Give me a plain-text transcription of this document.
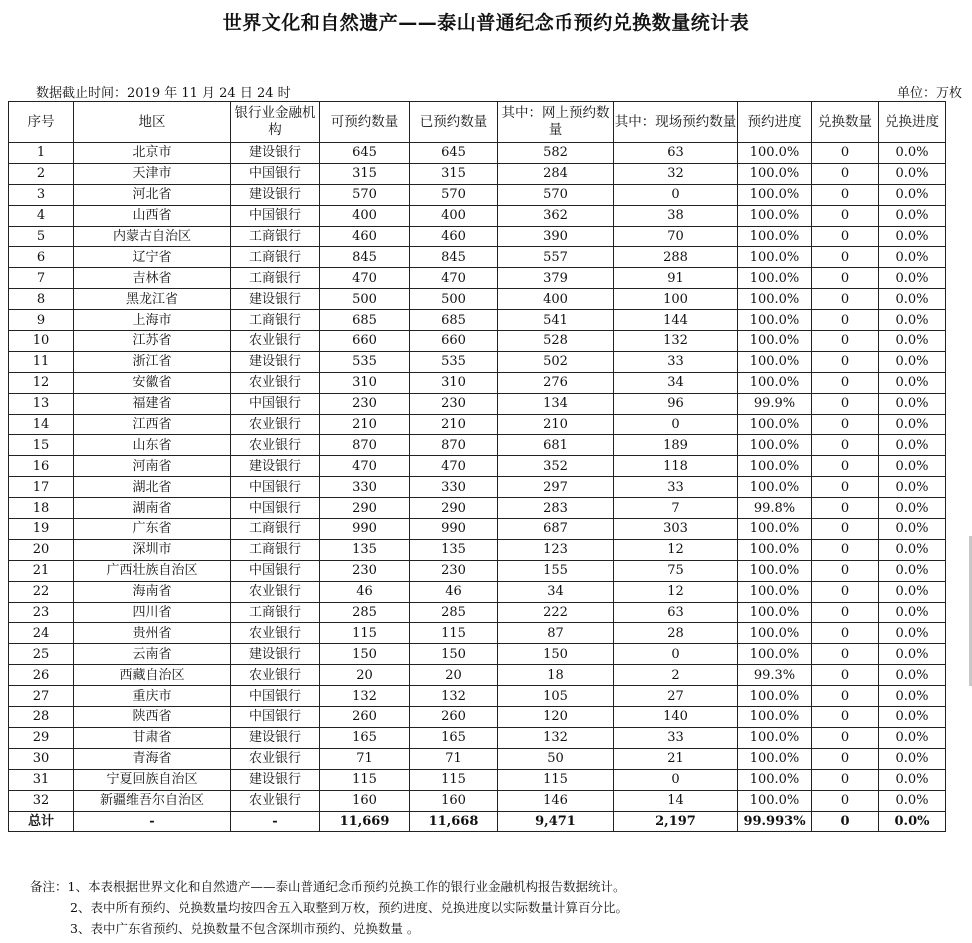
世界文化和自然遗产——泰山普通纪念币预约兑换数量统计表
数据截止时间：2019 年 11 月 24 日 24 时	单位：万枚
序号	地区	银行业金融机构	可预约数量	已预约数量	其中：网上预约数量	其中：现场预约数量	预约进度	兑换数量	兑换进度
1	北京市	建设银行	645	645	582	63	100.0%	0	0.0%
2	天津市	中国银行	315	315	284	32	100.0%	0	0.0%
3	河北省	建设银行	570	570	570	0	100.0%	0	0.0%
4	山西省	中国银行	400	400	362	38	100.0%	0	0.0%
5	内蒙古自治区	工商银行	460	460	390	70	100.0%	0	0.0%
6	辽宁省	工商银行	845	845	557	288	100.0%	0	0.0%
7	吉林省	工商银行	470	470	379	91	100.0%	0	0.0%
8	黑龙江省	建设银行	500	500	400	100	100.0%	0	0.0%
9	上海市	工商银行	685	685	541	144	100.0%	0	0.0%
10	江苏省	农业银行	660	660	528	132	100.0%	0	0.0%
11	浙江省	建设银行	535	535	502	33	100.0%	0	0.0%
12	安徽省	农业银行	310	310	276	34	100.0%	0	0.0%
13	福建省	中国银行	230	230	134	96	99.9%	0	0.0%
14	江西省	农业银行	210	210	210	0	100.0%	0	0.0%
15	山东省	农业银行	870	870	681	189	100.0%	0	0.0%
16	河南省	建设银行	470	470	352	118	100.0%	0	0.0%
17	湖北省	中国银行	330	330	297	33	100.0%	0	0.0%
18	湖南省	中国银行	290	290	283	7	99.8%	0	0.0%
19	广东省	工商银行	990	990	687	303	100.0%	0	0.0%
20	深圳市	工商银行	135	135	123	12	100.0%	0	0.0%
21	广西壮族自治区	中国银行	230	230	155	75	100.0%	0	0.0%
22	海南省	农业银行	46	46	34	12	100.0%	0	0.0%
23	四川省	工商银行	285	285	222	63	100.0%	0	0.0%
24	贵州省	农业银行	115	115	87	28	100.0%	0	0.0%
25	云南省	建设银行	150	150	150	0	100.0%	0	0.0%
26	西藏自治区	农业银行	20	20	18	2	99.3%	0	0.0%
27	重庆市	中国银行	132	132	105	27	100.0%	0	0.0%
28	陕西省	中国银行	260	260	120	140	100.0%	0	0.0%
29	甘肃省	建设银行	165	165	132	33	100.0%	0	0.0%
30	青海省	农业银行	71	71	50	21	100.0%	0	0.0%
31	宁夏回族自治区	建设银行	115	115	115	0	100.0%	0	0.0%
32	新疆维吾尔自治区	农业银行	160	160	146	14	100.0%	0	0.0%
总计	-	-	11,669	11,668	9,471	2,197	99.993%	0	0.0%
备注：1、本表根据世界文化和自然遗产——泰山普通纪念币预约兑换工作的银行业金融机构报告数据统计。
2、表中所有预约、兑换数量均按四舍五入取整到万枚，预约进度、兑换进度以实际数量计算百分比。
3、表中广东省预约、兑换数量不包含深圳市预约、兑换数量 。
